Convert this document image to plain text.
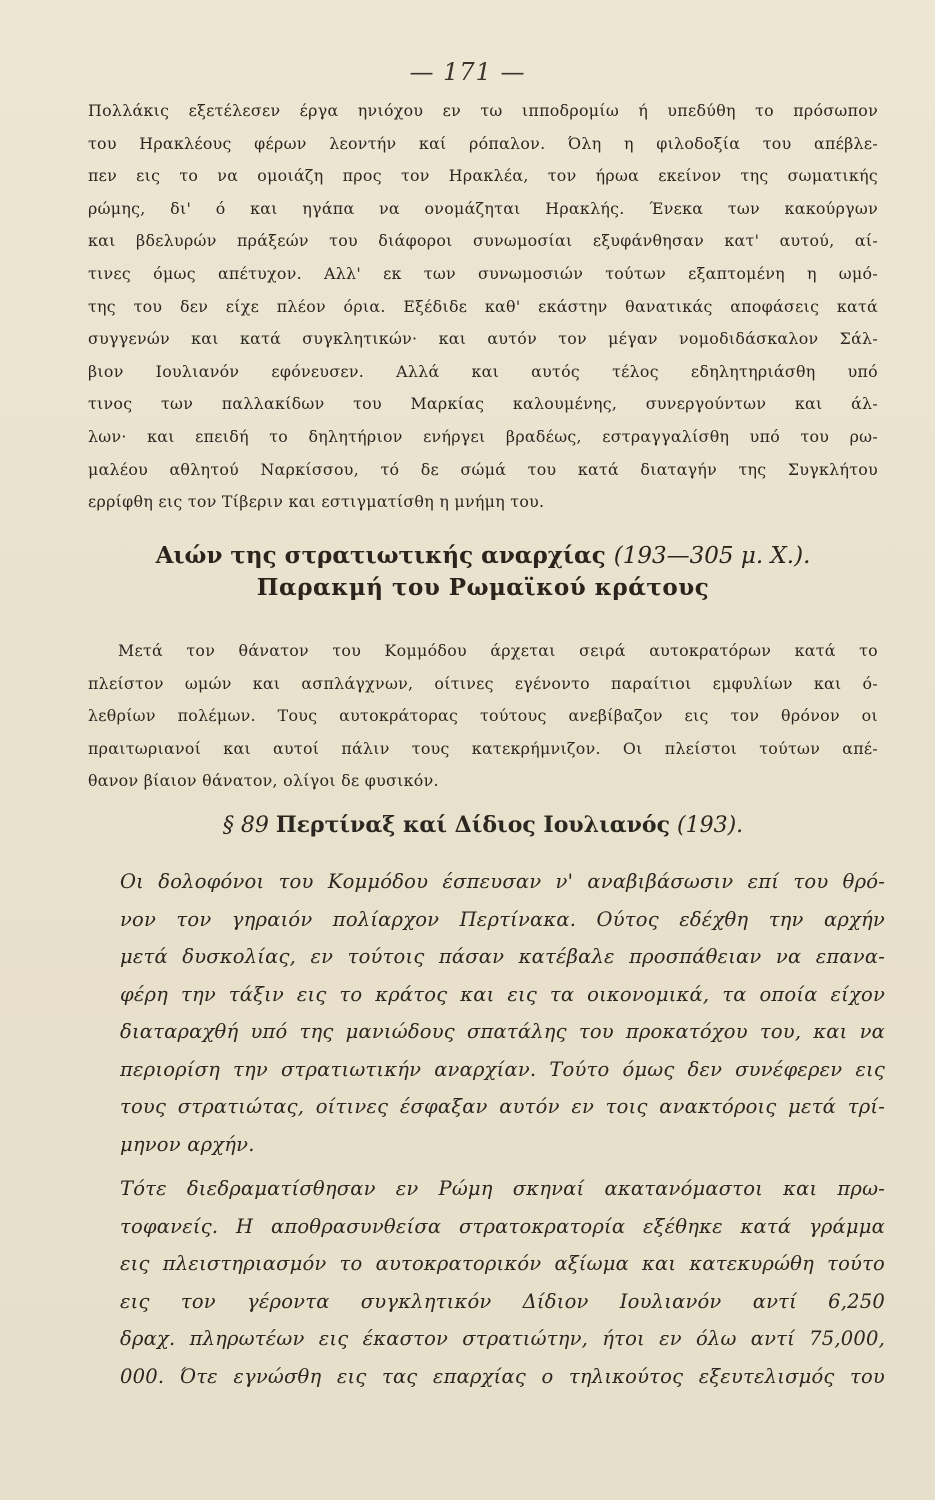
— 171 —
Πολλάκις εξετέλεσεν έργα ηνιόχου εν τω ιπποδρομίω ή υπεδύθη το πρόσωπον
του Ηρακλέους φέρων λεοντήν καί ρόπαλον. Όλη η φιλοδοξία του απέβλε-
πεν εις το να ομοιάζη προς τον Ηρακλέα, τον ήρωα εκείνον της σωματικής
ρώμης, δι' ό και ηγάπα να ονομάζηται Ηρακλής. Ένεκα των κακούργων
και βδελυρών πράξεών του διάφοροι συνωμοσίαι εξυφάνθησαν κατ' αυτού, αί-
τινες όμως απέτυχον. Αλλ' εκ των συνωμοσιών τούτων εξαπτομένη η ωμό-
της του δεν είχε πλέον όρια. Εξέδιδε καθ' εκάστην θανατικάς αποφάσεις κατά
συγγενών και κατά συγκλητικών· και αυτόν τον μέγαν νομοδιδάσκαλον Σάλ-
βιον Ιουλιανόν εφόνευσεν. Αλλά και αυτός τέλος εδηλητηριάσθη υπό
τινος των παλλακίδων του Μαρκίας καλουμένης, συνεργούντων και άλ-
λων· και επειδή το δηλητήριον ενήργει βραδέως, εστραγγαλίσθη υπό του ρω-
μαλέου αθλητού Ναρκίσσου, τό δε σώμά του κατά διαταγήν της Συγκλήτου
ερρίφθη εις τον Τίβεριν και εστιγματίσθη η μνήμη του.
Αιών της στρατιωτικής αναρχίας (193—305 μ. Χ.).
Παρακμή του Ρωμαϊκού κράτους
Μετά τον θάνατον του Κομμόδου άρχεται σειρά αυτοκρατόρων κατά το
πλείστον ωμών και ασπλάγχνων, οίτινες εγένοντο παραίτιοι εμφυλίων και ό-
λεθρίων πολέμων. Τους αυτοκράτορας τούτους ανεβίβαζον εις τον θρόνον οι
πραιτωριανοί και αυτοί πάλιν τους κατεκρήμνιζον. Οι πλείστοι τούτων απέ-
θανον βίαιον θάνατον, ολίγοι δε φυσικόν.
§ 89 Περτίναξ καί Δίδιος Ιουλιανός (193).
Οι δολοφόνοι του Κομμόδου έσπευσαν ν' αναβιβάσωσιν επί του θρό-
νον τον γηραιόν πολίαρχον Περτίνακα. Ούτος εδέχθη την αρχήν
μετά δυσκολίας, εν τούτοις πάσαν κατέβαλε προσπάθειαν να επανα-
φέρη την τάξιν εις το κράτος και εις τα οικονομικά, τα οποία είχον
διαταραχθή υπό της μανιώδους σπατάλης του προκατόχου του, και να
περιορίση την στρατιωτικήν αναρχίαν. Τούτο όμως δεν συνέφερεν εις
τους στρατιώτας, οίτινες έσφαξαν αυτόν εν τοις ανακτόροις μετά τρί-
μηνον αρχήν.
Τότε διεδραματίσθησαν εν Ρώμη σκηναί ακατανόμαστοι και πρω-
τοφανείς. Η αποθρασυνθείσα στρατοκρατορία εξέθηκε κατά γράμμα
εις πλειστηριασμόν το αυτοκρατορικόν αξίωμα και κατεκυρώθη τούτο
εις τον γέροντα συγκλητικόν Δίδιον Ιουλιανόν αντί 6,250
δραχ. πληρωτέων εις έκαστον στρατιώτην, ήτοι εν όλω αντί 75,000,
000. Ότε εγνώσθη εις τας επαρχίας ο τηλικούτος εξευτελισμός του
